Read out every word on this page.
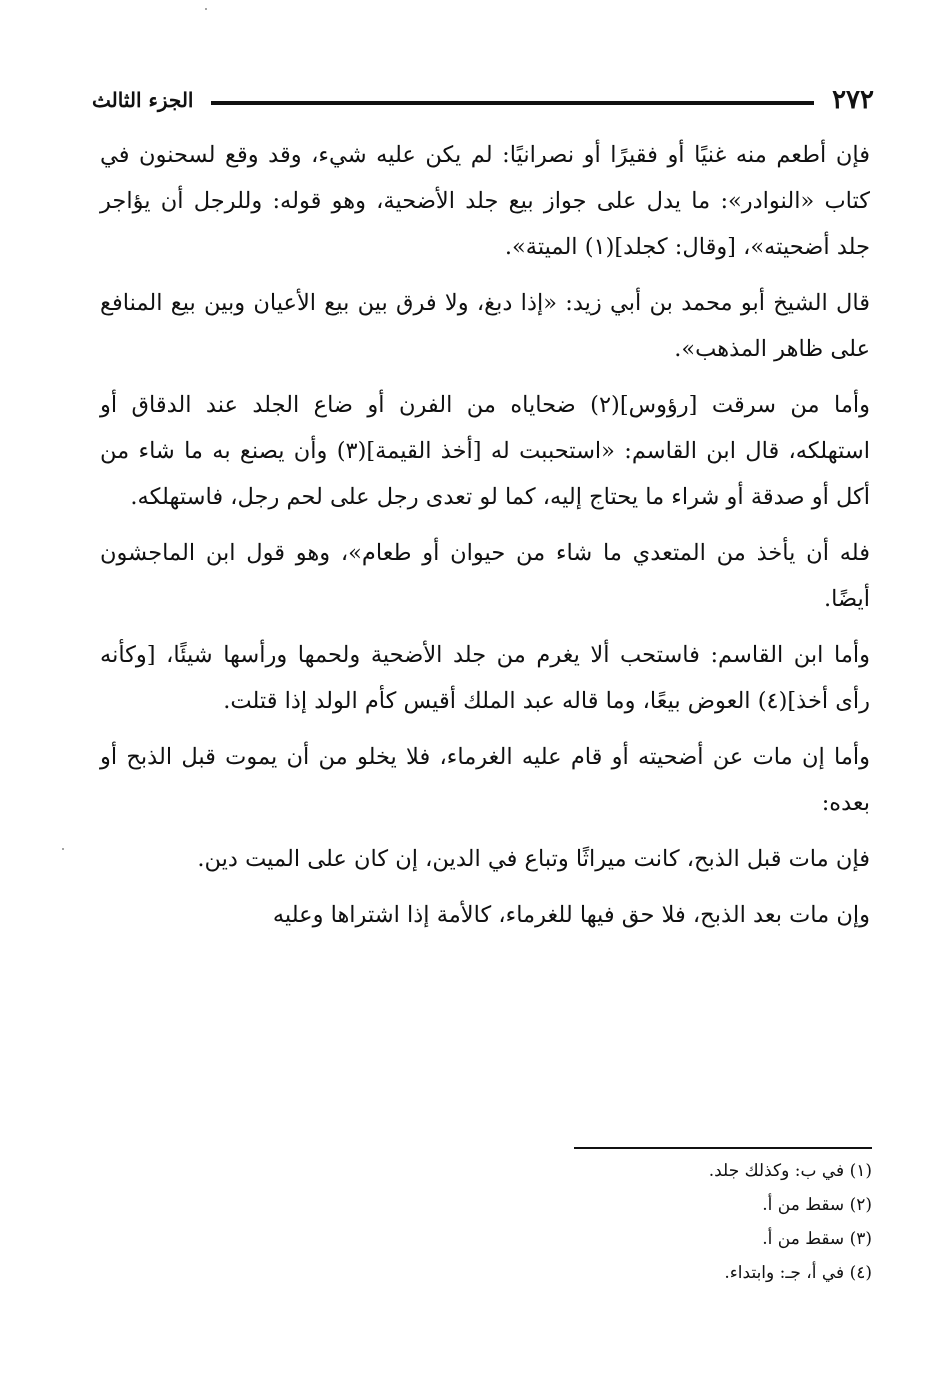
٢٧٢
الجزء الثالث

فإن أطعم منه غنيًا أو فقيرًا أو نصرانيًا: لم يكن عليه شيء، وقد وقع لسحنون في كتاب «النوادر»: ما يدل على جواز بيع جلد الأضحية، وهو قوله: وللرجل أن يؤاجر جلد أضحيته»، [وقال: كجلد](١) الميتة».

قال الشيخ أبو محمد بن أبي زيد: «إذا دبغ، ولا فرق بين بيع الأعيان وبين بيع المنافع على ظاهر المذهب».

وأما من سرقت [رؤوس](٢) ضحاياه من الفرن أو ضاع الجلد عند الدقاق أو استهلكه، قال ابن القاسم: «استحببت له [أخذ القيمة](٣) وأن يصنع به ما شاء من أكل أو صدقة أو شراء ما يحتاج إليه، كما لو تعدى رجل على لحم رجل، فاستهلكه.

فله أن يأخذ من المتعدي ما شاء من حيوان أو طعام»، وهو قول ابن الماجشون أيضًا.

وأما ابن القاسم: فاستحب ألا يغرم من جلد الأضحية ولحمها ورأسها شيئًا، [وكأنه رأى أخذ](٤) العوض بيعًا، وما قاله عبد الملك أقيس كأم الولد إذا قتلت.

وأما إن مات عن أضحيته أو قام عليه الغرماء، فلا يخلو من أن يموت قبل الذبح أو بعده:

فإن مات قبل الذبح، كانت ميراثًا وتباع في الدين، إن كان على الميت دين.

وإن مات بعد الذبح، فلا حق فيها للغرماء، كالأمة إذا اشتراها وعليه

(١) في ب: وكذلك جلد.

(٢) سقط من أ.

(٣) سقط من أ.

(٤) في أ، جـ: وابتداء.
